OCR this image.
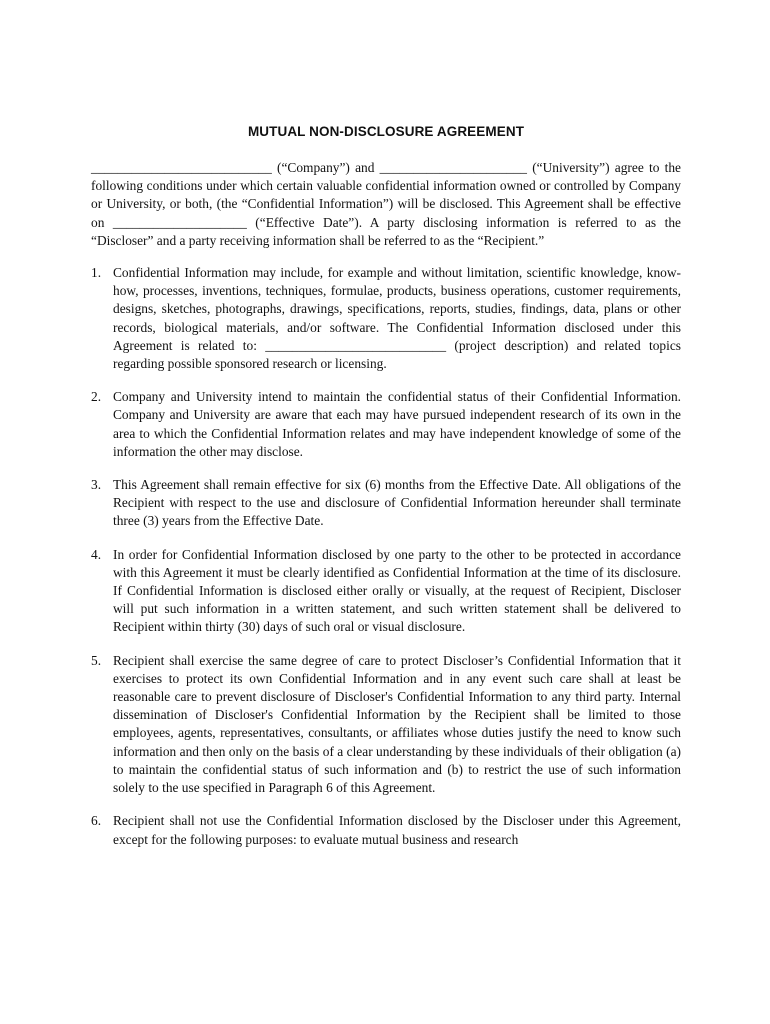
MUTUAL NON-DISCLOSURE AGREEMENT

___________________________ (“Company”) and ______________________ (“University”) agree to the following conditions under which certain valuable confidential information owned or controlled by Company or University, or both, (the “Confidential Information”) will be disclosed. This Agreement shall be effective on ____________________ (“Effective Date”). A party disclosing information is referred to as the “Discloser” and a party receiving information shall be referred to as the “Recipient.”

1. Confidential Information may include, for example and without limitation, scientific knowledge, know-how, processes, inventions, techniques, formulae, products, business operations, customer requirements, designs, sketches, photographs, drawings, specifications, reports, studies, findings, data, plans or other records, biological materials, and/or software. The Confidential Information disclosed under this Agreement is related to: ___________________________ (project description) and related topics regarding possible sponsored research or licensing.

2. Company and University intend to maintain the confidential status of their Confidential Information. Company and University are aware that each may have pursued independent research of its own in the area to which the Confidential Information relates and may have independent knowledge of some of the information the other may disclose.

3. This Agreement shall remain effective for six (6) months from the Effective Date. All obligations of the Recipient with respect to the use and disclosure of Confidential Information hereunder shall terminate three (3) years from the Effective Date.

4. In order for Confidential Information disclosed by one party to the other to be protected in accordance with this Agreement it must be clearly identified as Confidential Information at the time of its disclosure. If Confidential Information is disclosed either orally or visually, at the request of Recipient, Discloser will put such information in a written statement, and such written statement shall be delivered to Recipient within thirty (30) days of such oral or visual disclosure.

5. Recipient shall exercise the same degree of care to protect Discloser’s Confidential Information that it exercises to protect its own Confidential Information and in any event such care shall at least be reasonable care to prevent disclosure of Discloser's Confidential Information to any third party. Internal dissemination of Discloser's Confidential Information by the Recipient shall be limited to those employees, agents, representatives, consultants, or affiliates whose duties justify the need to know such information and then only on the basis of a clear understanding by these individuals of their obligation (a) to maintain the confidential status of such information and (b) to restrict the use of such information solely to the use specified in Paragraph 6 of this Agreement.

6. Recipient shall not use the Confidential Information disclosed by the Discloser under this Agreement, except for the following purposes: to evaluate mutual business and research
